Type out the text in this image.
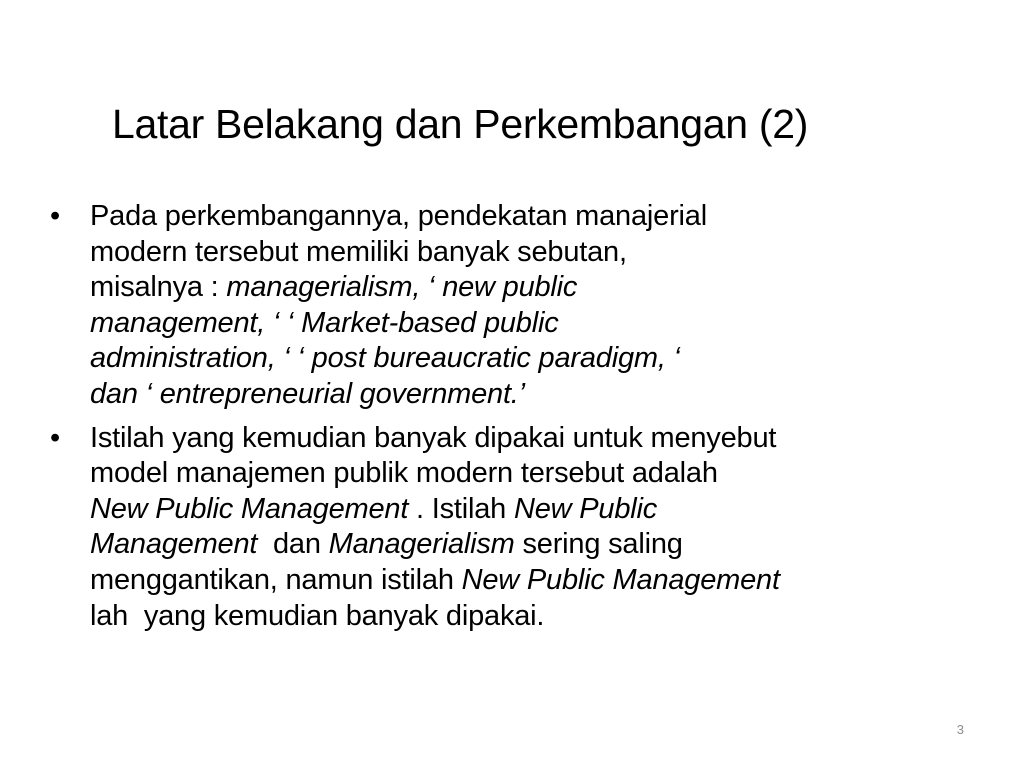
Latar Belakang dan Perkembangan (2)
•	Pada perkembangannya, pendekatan manajerial
modern tersebut memiliki banyak sebutan,
misalnya : managerialism, ‘ new public
management, ‘ ‘ Market-based public
administration, ‘ ‘ post bureaucratic paradigm, ‘
dan ‘ entrepreneurial government.’
•	Istilah yang kemudian banyak dipakai untuk menyebut
model manajemen publik modern tersebut adalah
New Public Management . Istilah New Public
Management  dan Managerialism sering saling
menggantikan, namun istilah New Public Management
lah  yang kemudian banyak dipakai.
3
